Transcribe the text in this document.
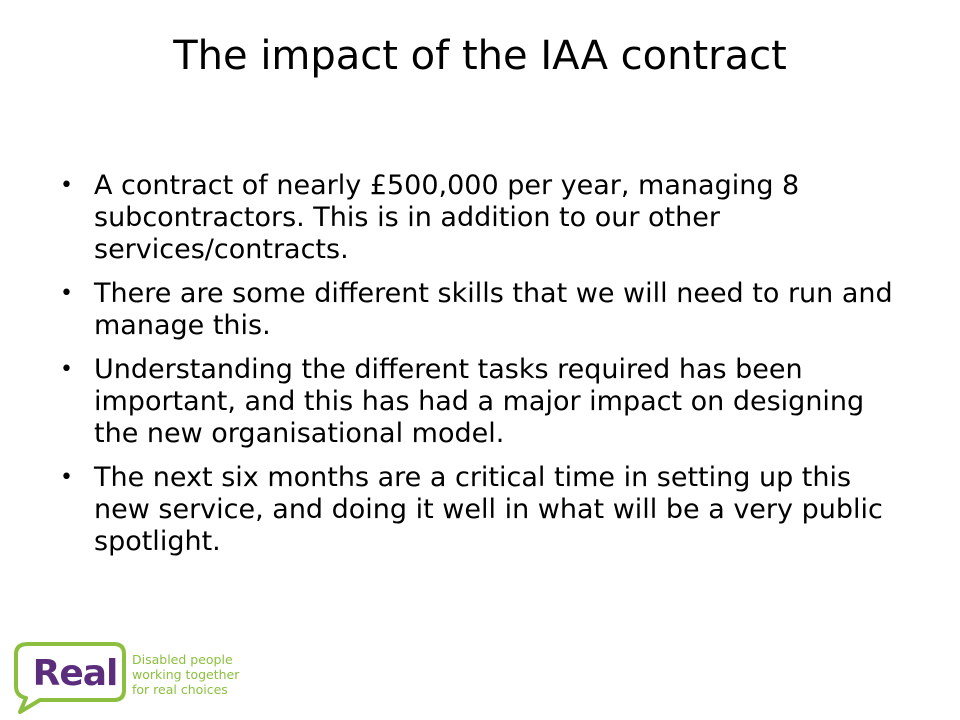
The impact of the IAA contract
• A contract of nearly £500,000 per year, managing 8 subcontractors. This is in addition to our other services/contracts.
• There are some different skills that we will need to run and manage this.
• Understanding the different tasks required has been important, and this has had a major impact on designing the new organisational model.
• The next six months are a critical time in setting up this new service, and doing it well in what will be a very public spotlight.
Real	Disabled people
working together
for real choices
